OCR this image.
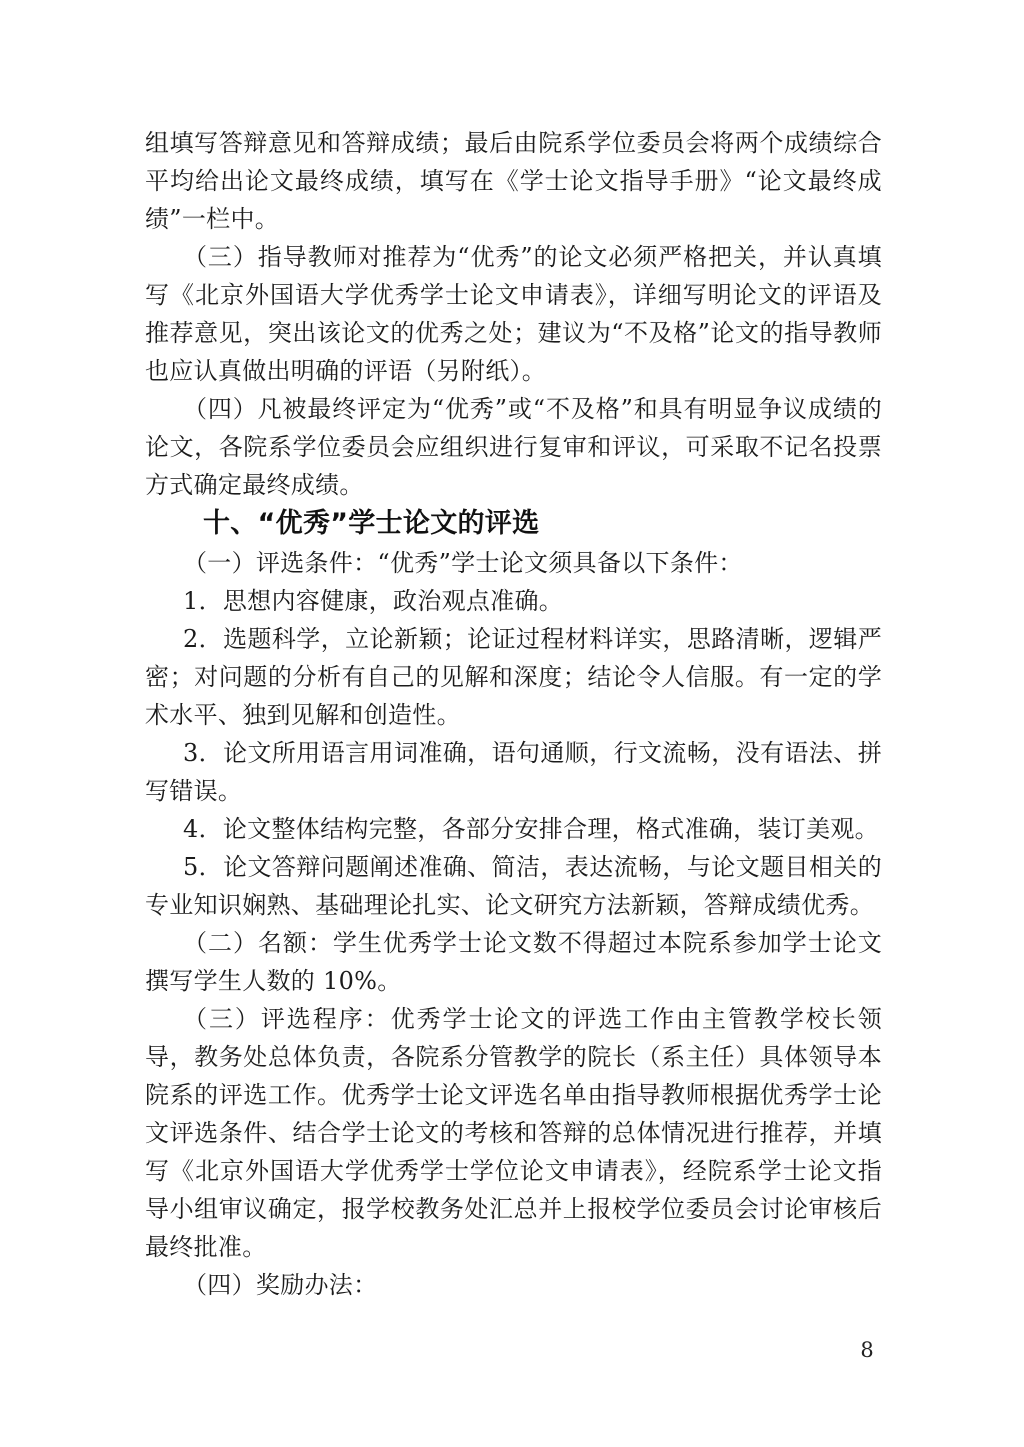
组填写答辩意见和答辩成绩；最后由院系学位委员会将两个成绩综合平均给出论文最终成绩，填写在《学士论文指导手册》“论文最终成绩”一栏中。

（三）指导教师对推荐为“优秀”的论文必须严格把关，并认真填写《北京外国语大学优秀学士论文申请表》，详细写明论文的评语及推荐意见，突出该论文的优秀之处；建议为“不及格”论文的指导教师也应认真做出明确的评语（另附纸）。

（四）凡被最终评定为“优秀”或“不及格”和具有明显争议成绩的论文，各院系学位委员会应组织进行复审和评议，可采取不记名投票方式确定最终成绩。

十、“优秀”学士论文的评选

（一）评选条件：“优秀”学士论文须具备以下条件：

1．思想内容健康，政治观点准确。

2．选题科学，立论新颖；论证过程材料详实，思路清晰，逻辑严密；对问题的分析有自己的见解和深度；结论令人信服。有一定的学术水平、独到见解和创造性。

3．论文所用语言用词准确，语句通顺，行文流畅，没有语法、拼写错误。

4．论文整体结构完整，各部分安排合理，格式准确，装订美观。

5．论文答辩问题阐述准确、简洁，表达流畅，与论文题目相关的专业知识娴熟、基础理论扎实、论文研究方法新颖，答辩成绩优秀。

（二）名额：学生优秀学士论文数不得超过本院系参加学士论文撰写学生人数的 10%。

（三）评选程序：优秀学士论文的评选工作由主管教学校长领导，教务处总体负责，各院系分管教学的院长（系主任）具体领导本院系的评选工作。优秀学士论文评选名单由指导教师根据优秀学士论文评选条件、结合学士论文的考核和答辩的总体情况进行推荐，并填写《北京外国语大学优秀学士学位论文申请表》，经院系学士论文指导小组审议确定，报学校教务处汇总并上报校学位委员会讨论审核后最终批准。

（四）奖励办法：

8
